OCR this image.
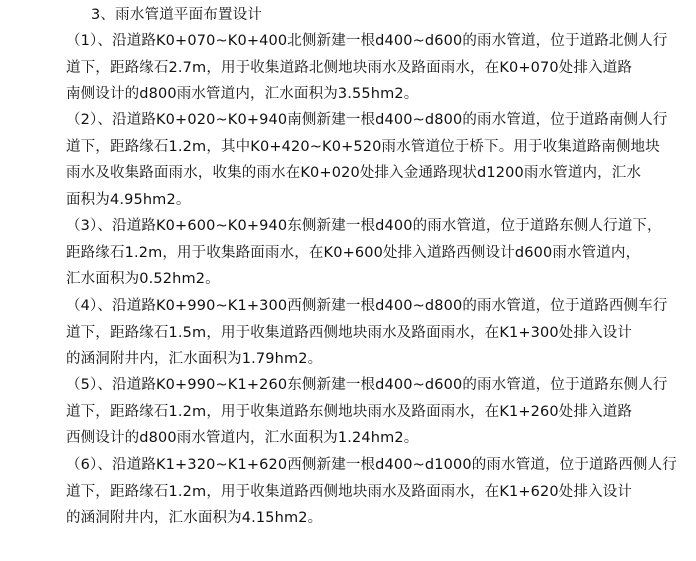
3、雨水管道平面布置设计
（1）、沿道路K0+070~K0+400北侧新建一根d400~d600的雨水管道，位于道路北侧人行
道下，距路缘石2.7m，用于收集道路北侧地块雨水及路面雨水，在K0+070处排入道路
南侧设计的d800雨水管道内，汇水面积为3.55hm2。
（2）、沿道路K0+020~K0+940南侧新建一根d400~d800的雨水管道，位于道路南侧人行
道下，距路缘石1.2m，其中K0+420~K0+520雨水管道位于桥下。用于收集道路南侧地块
雨水及收集路面雨水，收集的雨水在K0+020处排入金通路现状d1200雨水管道内，汇水
面积为4.95hm2。
（3）、沿道路K0+600~K0+940东侧新建一根d400的雨水管道，位于道路东侧人行道下，
距路缘石1.2m，用于收集路面雨水，在K0+600处排入道路西侧设计d600雨水管道内，
汇水面积为0.52hm2。
（4）、沿道路K0+990~K1+300西侧新建一根d400~d800的雨水管道，位于道路西侧车行
道下，距路缘石1.5m，用于收集道路西侧地块雨水及路面雨水，在K1+300处排入设计
的涵洞附井内，汇水面积为1.79hm2。
（5）、沿道路K0+990~K1+260东侧新建一根d400~d600的雨水管道，位于道路东侧人行
道下，距路缘石1.2m，用于收集道路东侧地块雨水及路面雨水，在K1+260处排入道路
西侧设计的d800雨水管道内，汇水面积为1.24hm2。
（6）、沿道路K1+320~K1+620西侧新建一根d400~d1000的雨水管道，位于道路西侧人行
道下，距路缘石1.2m，用于收集道路西侧地块雨水及路面雨水，在K1+620处排入设计
的涵洞附井内，汇水面积为4.15hm2。
